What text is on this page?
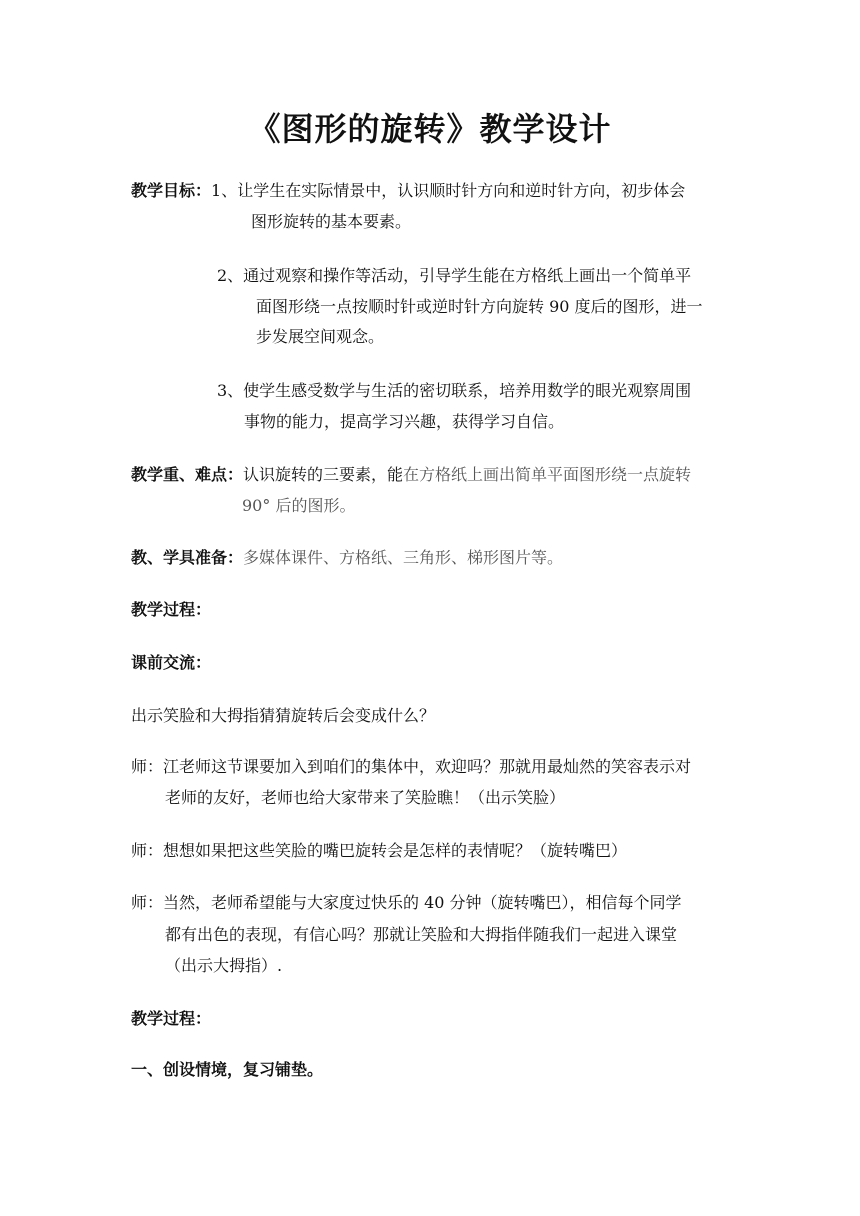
《图形的旋转》教学设计
教学目标：1、让学生在实际情景中，认识顺时针方向和逆时针方向，初步体会
图形旋转的基本要素。
2、通过观察和操作等活动，引导学生能在方格纸上画出一个简单平
面图形绕一点按顺时针或逆时针方向旋转 90 度后的图形，进一
步发展空间观念。
3、使学生感受数学与生活的密切联系，培养用数学的眼光观察周围
事物的能力，提高学习兴趣，获得学习自信。
教学重、难点：认识旋转的三要素，能在方格纸上画出简单平面图形绕一点旋转
90° 后的图形。
教、学具准备：多媒体课件、方格纸、三角形、梯形图片等。
教学过程：
课前交流：
出示笑脸和大拇指猜猜旋转后会变成什么？
师：江老师这节课要加入到咱们的集体中，欢迎吗？那就用最灿然的笑容表示对
老师的友好，老师也给大家带来了笑脸瞧！（出示笑脸）
师：想想如果把这些笑脸的嘴巴旋转会是怎样的表情呢？（旋转嘴巴）
师：当然，老师希望能与大家度过快乐的 40 分钟（旋转嘴巴），相信每个同学
都有出色的表现，有信心吗？那就让笑脸和大拇指伴随我们一起进入课堂
（出示大拇指）.
教学过程：
一、创设情境，复习铺垫。
